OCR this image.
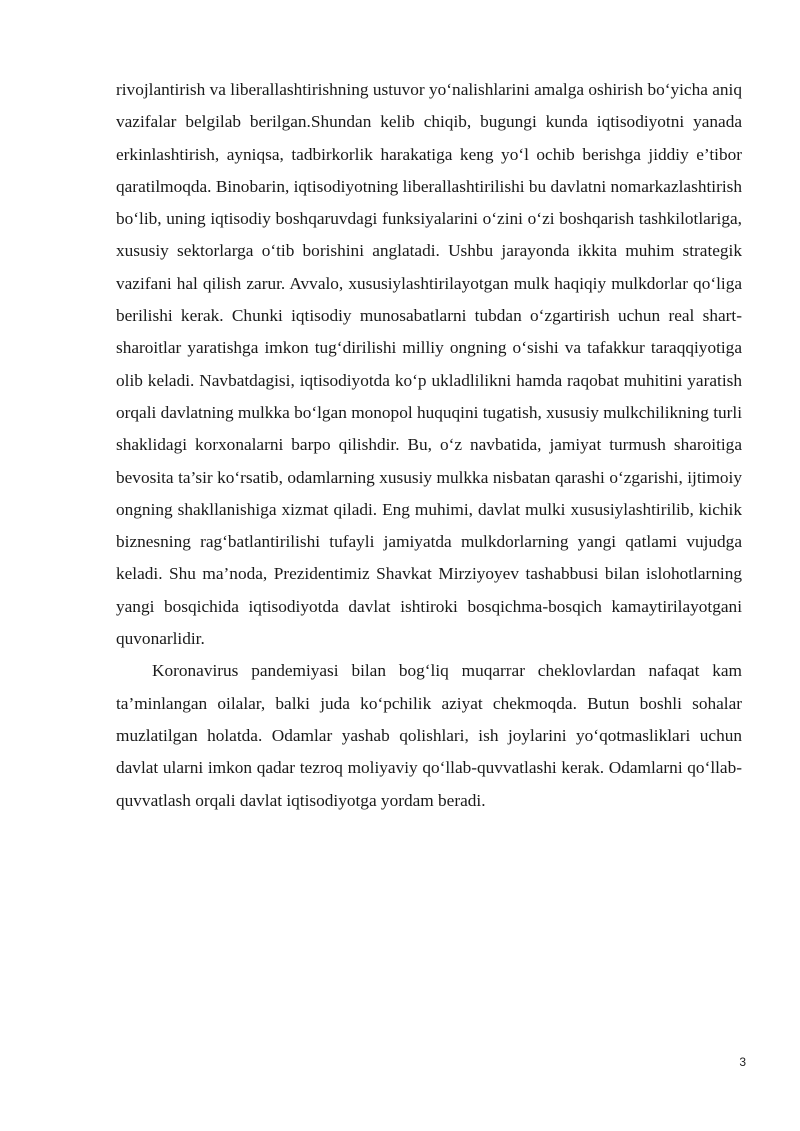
rivojlantirish va liberallashtirishning ustuvor yo‘nalishlarini amalga oshirish bo‘yicha aniq vazifalar belgilab berilgan.Shundan kelib chiqib, bugungi kunda iqtisodiyotni yanada erkinlashtirish, ayniqsa, tadbirkorlik harakatiga keng yo‘l ochib berishga jiddiy e’tibor qaratilmoqda. Binobarin, iqtisodiyotning liberallashtirilishi bu davlatni nomarkazlashtirish bo‘lib, uning iqtisodiy boshqaruvdagi funksiyalarini o‘zini o‘zi boshqarish tashkilotlariga, xususiy sektorlarga o‘tib borishini anglatadi. Ushbu jarayonda ikkita muhim strategik vazifani hal qilish zarur. Avvalo, xususiylashtirilayotgan mulk haqiqiy mulkdorlar qo‘liga berilishi kerak. Chunki iqtisodiy munosabatlarni tubdan o‘zgartirish uchun real shart-sharoitlar yaratishga imkon tug‘dirilishi milliy ongning o‘sishi va tafakkur taraqqiyotiga olib keladi. Navbatdagisi, iqtisodiyotda ko‘p ukladlilikni hamda raqobat muhitini yaratish orqali davlatning mulkka bo‘lgan monopol huquqini tugatish, xususiy mulkchilikning turli shaklidagi korxonalarni barpo qilishdir. Bu, o‘z navbatida, jamiyat turmush sharoitiga bevosita ta’sir ko‘rsatib, odamlarning xususiy mulkka nisbatan qarashi o‘zgarishi, ijtimoiy ongning shakllanishiga xizmat qiladi. Eng muhimi, davlat mulki xususiylashtirilib, kichik biznesning rag‘batlantirilishi tufayli jamiyatda mulkdorlarning yangi qatlami vujudga keladi. Shu ma’noda, Prezidentimiz Shavkat Mirziyoyev tashabbusi bilan islohotlarning yangi bosqichida iqtisodiyotda davlat ishtiroki bosqichma-bosqich kamaytirilayotgani quvonarlidir.

Koronavirus pandemiyasi bilan bog‘liq muqarrar cheklovlardan nafaqat kam ta’minlangan oilalar, balki juda ko‘pchilik aziyat chekmoqda. Butun boshli sohalar muzlatilgan holatda. Odamlar yashab qolishlari, ish joylarini yo‘qotmasliklari uchun davlat ularni imkon qadar tezroq moliyaviy qo‘llab-quvvatlashi kerak. Odamlarni qo‘llab-quvvatlash orqali davlat iqtisodiyotga yordam beradi.

3
